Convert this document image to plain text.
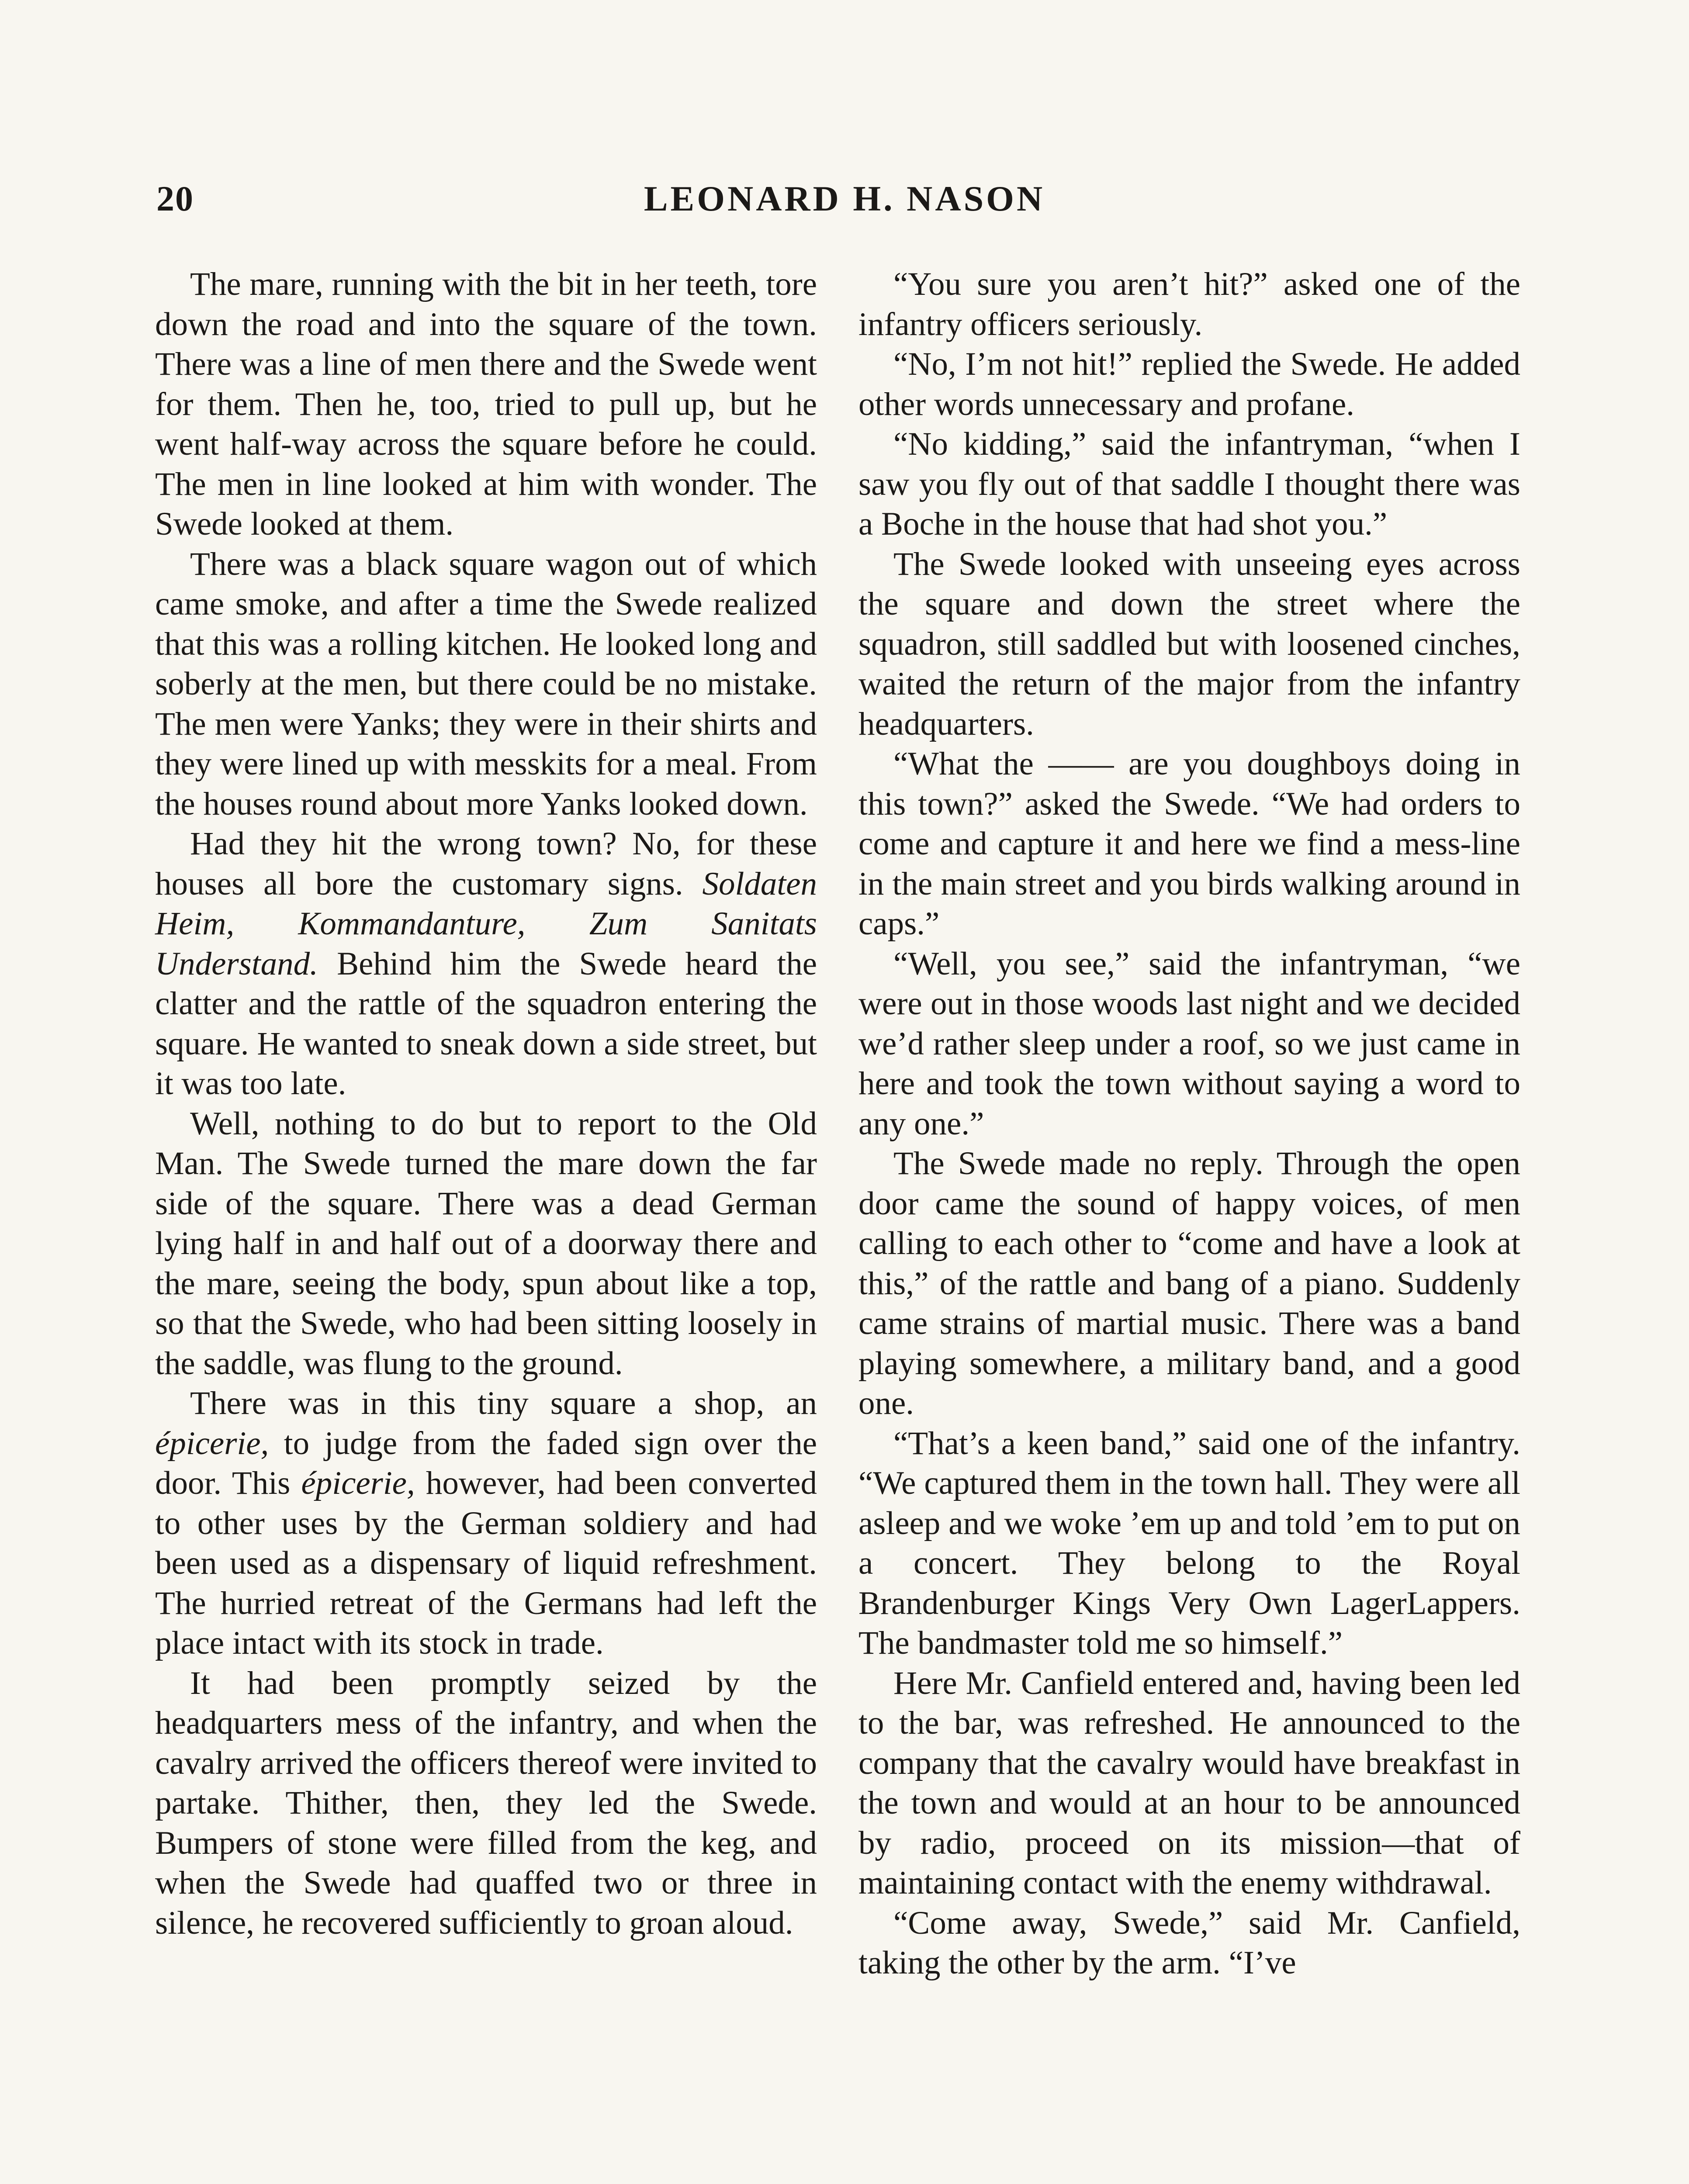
20	LEONARD H. NASON

The mare, running with the bit in her teeth, tore down the road and into the square of the town. There was a line of men there and the Swede went for them. Then he, too, tried to pull up, but he went half-way across the square before he could. The men in line looked at him with wonder. The Swede looked at them.

There was a black square wagon out of which came smoke, and after a time the Swede realized that this was a rolling kitchen. He looked long and soberly at the men, but there could be no mistake. The men were Yanks; they were in their shirts and they were lined up with messkits for a meal. From the houses round about more Yanks looked down.

Had they hit the wrong town? No, for these houses all bore the customary signs. Soldaten Heim, Kommandanture, Zum Sanitats Understand. Behind him the Swede heard the clatter and the rattle of the squadron entering the square. He wanted to sneak down a side street, but it was too late.

Well, nothing to do but to report to the Old Man. The Swede turned the mare down the far side of the square. There was a dead German lying half in and half out of a doorway there and the mare, seeing the body, spun about like a top, so that the Swede, who had been sitting loosely in the saddle, was flung to the ground.

There was in this tiny square a shop, an épicerie, to judge from the faded sign over the door. This épicerie, however, had been converted to other uses by the German soldiery and had been used as a dispensary of liquid refreshment. The hurried retreat of the Germans had left the place intact with its stock in trade.

It had been promptly seized by the headquarters mess of the infantry, and when the cavalry arrived the officers thereof were invited to partake. Thither, then, they led the Swede. Bumpers of stone were filled from the keg, and when the Swede had quaffed two or three in silence, he recovered sufficiently to groan aloud.

“You sure you aren’t hit?” asked one of the infantry officers seriously.

“No, I’m not hit!” replied the Swede. He added other words unnecessary and profane.

“No kidding,” said the infantryman, “when I saw you fly out of that saddle I thought there was a Boche in the house that had shot you.”

The Swede looked with unseeing eyes across the square and down the street where the squadron, still saddled but with loosened cinches, waited the return of the major from the infantry headquarters.

“What the —— are you doughboys doing in this town?” asked the Swede. “We had orders to come and capture it and here we find a mess-line in the main street and you birds walking around in caps.”

“Well, you see,” said the infantryman, “we were out in those woods last night and we decided we’d rather sleep under a roof, so we just came in here and took the town without saying a word to any one.”

The Swede made no reply. Through the open door came the sound of happy voices, of men calling to each other to “come and have a look at this,” of the rattle and bang of a piano. Suddenly came strains of martial music. There was a band playing somewhere, a military band, and a good one.

“That’s a keen band,” said one of the infantry. “We captured them in the town hall. They were all asleep and we woke ’em up and told ’em to put on a concert. They belong to the Royal Brandenburger Kings Very Own LagerLappers. The bandmaster told me so himself.”

Here Mr. Canfield entered and, having been led to the bar, was refreshed. He announced to the company that the cavalry would have breakfast in the town and would at an hour to be announced by radio, proceed on its mission—that of maintaining contact with the enemy withdrawal.

“Come away, Swede,” said Mr. Canfield, taking the other by the arm. “I’ve
